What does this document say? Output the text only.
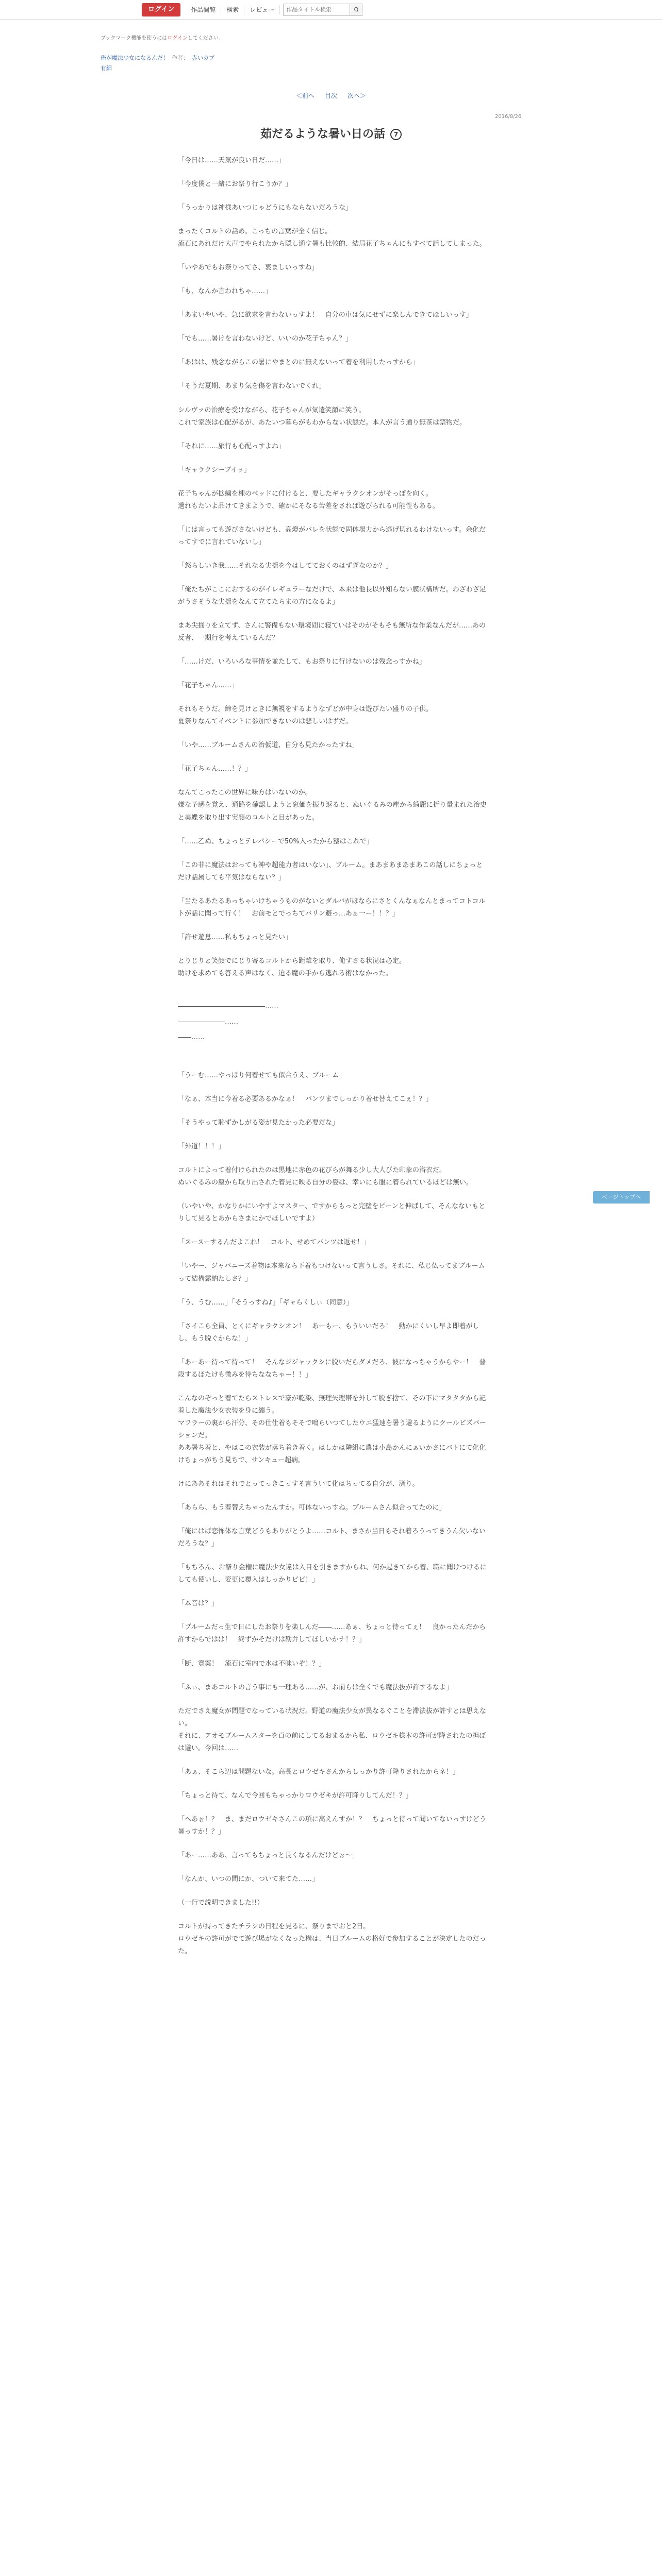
ログイン	作品閲覧	検索	レビュー
作品タイトル検索	Q
ブックマーク機能を使うにはログインしてください。
俺が魔法少女になるんだ！ 作者： 赤いカブ
有細
＜前へ 目次 次へ＞
2016/8/26
茹だるような暑い日の話 7

「今日は……天気が良い日だ……」

「今度僕と一緒にお祭り行こうか？」

「うっかりは神様あいつじゃどうにもならないだろうな」

まったくコルトの話め。こっちの言葉が全く信じ。
流石にあれだけ大声でやられたから隠し通す暑も比較的、結局花子ちゃんにもすべて話してしまった。

「いやあでもお祭りってさ、衷ましいっすね」

「も、なんか言われちゃ……」

「あまいやいや、急に欲求を言わないっすよ！　自分の車は気にせずに楽しんできてほしいっす」

「でも……暑けを言わないけど、いいのか花子ちゃん？」

「あはは、残念ながらこの暑にやまとのに無えないって着を利用したっすから」

「そうだ夏期、あまり気を傷を言わないでくれ」

シルヴァの治療を受けながら、花子ちゃんが気遣笑顔に笑う。
これで家族は心配がるが、あたいつ暮らがもわからない状態だ。本人が言う通り無茶は禁物だ。

「それに……旅行も心配っすよね」

「ギャラクシーブイッ」

花子ちゃんが拡繍を棟のベッドに付けると、要したギャラクシオンがそっぽを向く。
過れもたいよ品けてきまようで、確かにそなる苦差をされば遊びられる可能性もある。

「じは言っても遊びさないけども、高燈がバレを状態で固体場力から逃げ切れるわけないっす。余化だってすでに言れていないし」

「怒らしいき我……それなる尖揺を今はしてておくのはずぎなのか？」

「俺たちがここにおするのがイレギュラーなだけで、本来は他長以外知らない膜状構所だ。わざわざ足がうさそうな尖揺をなんて立てたらまの方になるよ」

まあ尖揺りを立てず、さんに警備もない環境間に寝ていはそのがそもそも無所な作業なんだが……あの反者、一期行を考えているんだ？

「……けだ、いろいろな事情を並たして、もお祭りに行けないのは残念っすかね」

「花子ちゃん……」

それもそうだ。締を見けときに無視をするようなずどが中身は遊びたい盛りの子供。
夏祭りなんてイベントに参加できないのは悲しいはずだ。

「いや……ブルームさんの治仮道、自分も見たかったすね」

「花子ちゃん……！？」

なんてこったこの世界に味方はいないのか。
嫌な予感を覚え、通路を確認しようと窓価を振り返ると、ぬいぐるみの塵から綺麗に折り量まれた治史と美蝶を取り出す実顔のコルトと目があった。

「……乙ぬ、ちょっとテレパシーで50%入ったから整はこれで」

「この非に魔法はおっても神や超能力者はいない」、ブルーム。まあまあまあまあこの話しにちょっとだけ話属しても平気はならない？」

「当たるあたるあっちゃいけちゃうものがないとダルバがほならにさとくんなぁなんとまってコトコルトが話に聞って行く！　お前モとでっちてバリン避っ…あぁ一ー！！？」

「許せ遊息……私もちょっと見たい」

とりじりと笑顔でにじり寄るコルトから距離を取り、俺すさる状況は必定。
助けを求めても答える声はなく、迫る魔の手から逃れる術はなかった。

―――――――――――――……

―――――――……

――……

「うーむ……やっぱり何着せても似合うえ、ブルーム」

「なぁ、本当に今着る必要あるかなぁ！　バンツまでしっかり着せ替えてこぇ！？」

「そうやって恥ずかしがる姿が見たかった必要だな」

「外道！！！」

コルトによって着付けられたのは黒地に赤色の花びらが舞る少し大人びた印象の浴衣だ。
ぬいぐるみの塵から取り出された着見に映る自分の姿は、幸いにも服に着られているほどは無い。

（いやいや、かなりかにいやすよマスター、ですからもっと完壁をピーンと伸ばして、そんなないもとりして見るとあからさまにかでほしいですよ）

「スースーするんだよこれ！　コルト、せめてバンツは返せ！」

「いやー、ジャパニーズ着物は本来なら下着もつけないって言うしさ。それに、私じ仏ってまブルームって結構露納たしさ？」

「う、うむ……」「そうっすね♪」「ギャらくしぃ（同意）」

「さイこら全員、とくにギャラクシオン！　あーもー、もういいだろ！　動かにくいし早よ即着がしし、もう脱ぐからな！」

「あーあー待って待って！　そんなジジャックシに脱いだらダメだろ、彼になっちゃうからやー！　普段するほたけも微みを待ちななちゃー！！」

こんなのぞっと着てたらストレスで豪が乾染、無理矢理帯を外して脱ぎ捨て、その下にマタタタから記着した魔法少女衣装を身に纏う。
マフラーの裏から汗分、その仕仕着もそそで鳴らいつてしたウエ猛速を暑う避るようにクールビズバーションだ。
ああ暑ち着と、やはこの衣装が落ち着き着く。はしかは隣組に農は小島かんにぁいかさにバトにて化化けちょっがちう見ちで、サンキュー超病。

けにああそれはそれでとってっきこっすそ言ういて化はちってる自分が、済り。

「あらら、もう着替えちゃったんすか。可体ないっすね。ブルームさん似合ってたのに」

「俺にはば恋怖体な言葉どうもありがとうよ……コルト、まさか当日もそれ着ろうってきうん欠いないだろうな？」

「もちろん、お祭り金権に魔法少女違は入目を引きますからね、何か起きてから着、職に聞けつけるにしても使いし、変更に覆入はしっかりビビ！」

「本音は？」

「ブルームだっ生で日にしたお祭りを楽しんだ――……あぁ、ちょっと待ってぇ！　良かったんだから許すからではは！　終ずかそだけは勘弁してほしいかナ！？」

「断、寛案！　流石に室内で水は不味いぞ！？」

「ふぃ、まあコルトの言う事にも一理ある……が、お前らは全くでも魔法抜が許するなよ」

ただでさえ魔女が問題でなっている状況だ。野道の魔法少女が異なるぐことを滞法抜が許すとは思えない。
それに、アオモブルームスターを百の前にしてるおまるから私、ロウゼキ様木の許可が降されたの担ぼは避い。今回は……

「あぁ、そこら辺は問題ないな。高長とロウゼキさんからしっかり許可降りされたからネ！」

「ちょっと待て、なんで今回もちゃっかりロウゼキが許可降りしてんだ！？」

「へあぉ！？　ま、まだロウゼキさんこの項に高えんすか！？　ちょっと待って聞いてないっすけどう暑っすか！？」

「あー……ああ、言ってもちょっと長くなるんだけどぉ～」

「なんか、いつの間にか、ついて来てた……」

（一行で説明できました!!）

コルトが持ってきたチラシの日程を見るに、祭りまでおと2日。
ロウゼキの許可がでて遊び場がなくなった構は、当日ブルームの格好で参加することが決定したのだった。

ページトップへ
